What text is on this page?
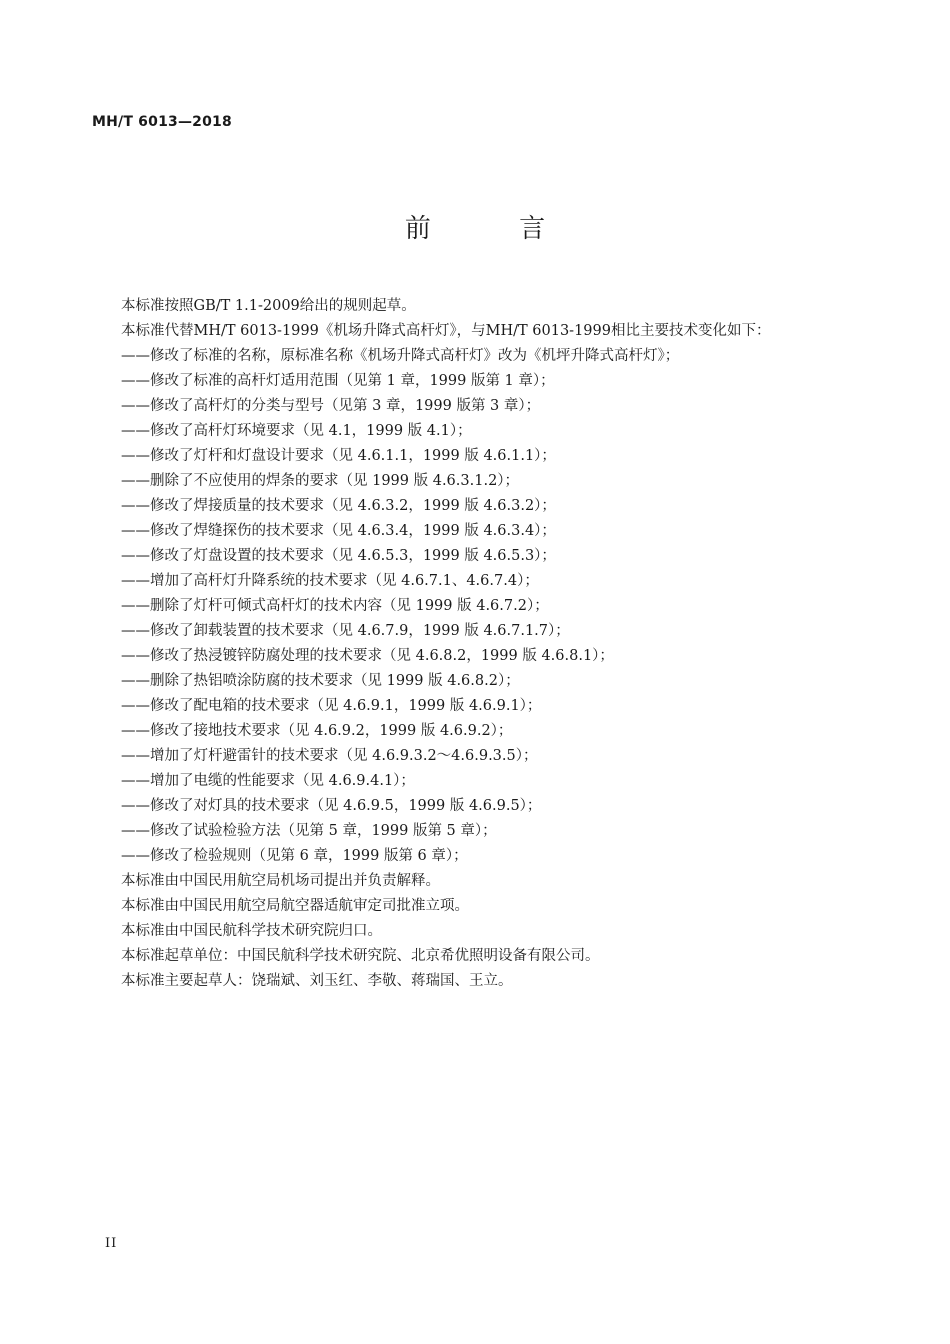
MH/T 6013—2018
前 言
本标准按照GB/T 1.1-2009给出的规则起草。
本标准代替MH/T 6013-1999《机场升降式高杆灯》，与MH/T 6013-1999相比主要技术变化如下：
——修改了标准的名称，原标准名称《机场升降式高杆灯》改为《机坪升降式高杆灯》；
——修改了标准的高杆灯适用范围（见第 1 章，1999 版第 1 章）；
——修改了高杆灯的分类与型号（见第 3 章，1999 版第 3 章）；
——修改了高杆灯环境要求（见 4.1，1999 版 4.1）；
——修改了灯杆和灯盘设计要求（见 4.6.1.1，1999 版 4.6.1.1）；
——删除了不应使用的焊条的要求（见 1999 版 4.6.3.1.2）；
——修改了焊接质量的技术要求（见 4.6.3.2，1999 版 4.6.3.2）；
——修改了焊缝探伤的技术要求（见 4.6.3.4，1999 版 4.6.3.4）；
——修改了灯盘设置的技术要求（见 4.6.5.3，1999 版 4.6.5.3）；
——增加了高杆灯升降系统的技术要求（见 4.6.7.1、4.6.7.4）；
——删除了灯杆可倾式高杆灯的技术内容（见 1999 版 4.6.7.2）；
——修改了卸载装置的技术要求（见 4.6.7.9，1999 版 4.6.7.1.7）；
——修改了热浸镀锌防腐处理的技术要求（见 4.6.8.2，1999 版 4.6.8.1）；
——删除了热铝喷涂防腐的技术要求（见 1999 版 4.6.8.2）；
——修改了配电箱的技术要求（见 4.6.9.1，1999 版 4.6.9.1）；
——修改了接地技术要求（见 4.6.9.2，1999 版 4.6.9.2）；
——增加了灯杆避雷针的技术要求（见 4.6.9.3.2～4.6.9.3.5）；
——增加了电缆的性能要求（见 4.6.9.4.1）；
——修改了对灯具的技术要求（见 4.6.9.5，1999 版 4.6.9.5）；
——修改了试验检验方法（见第 5 章，1999 版第 5 章）；
——修改了检验规则（见第 6 章，1999 版第 6 章）；
本标准由中国民用航空局机场司提出并负责解释。
本标准由中国民用航空局航空器适航审定司批准立项。
本标准由中国民航科学技术研究院归口。
本标准起草单位：中国民航科学技术研究院、北京希优照明设备有限公司。
本标准主要起草人：饶瑞斌、刘玉红、李敬、蒋瑞国、王立。
II
